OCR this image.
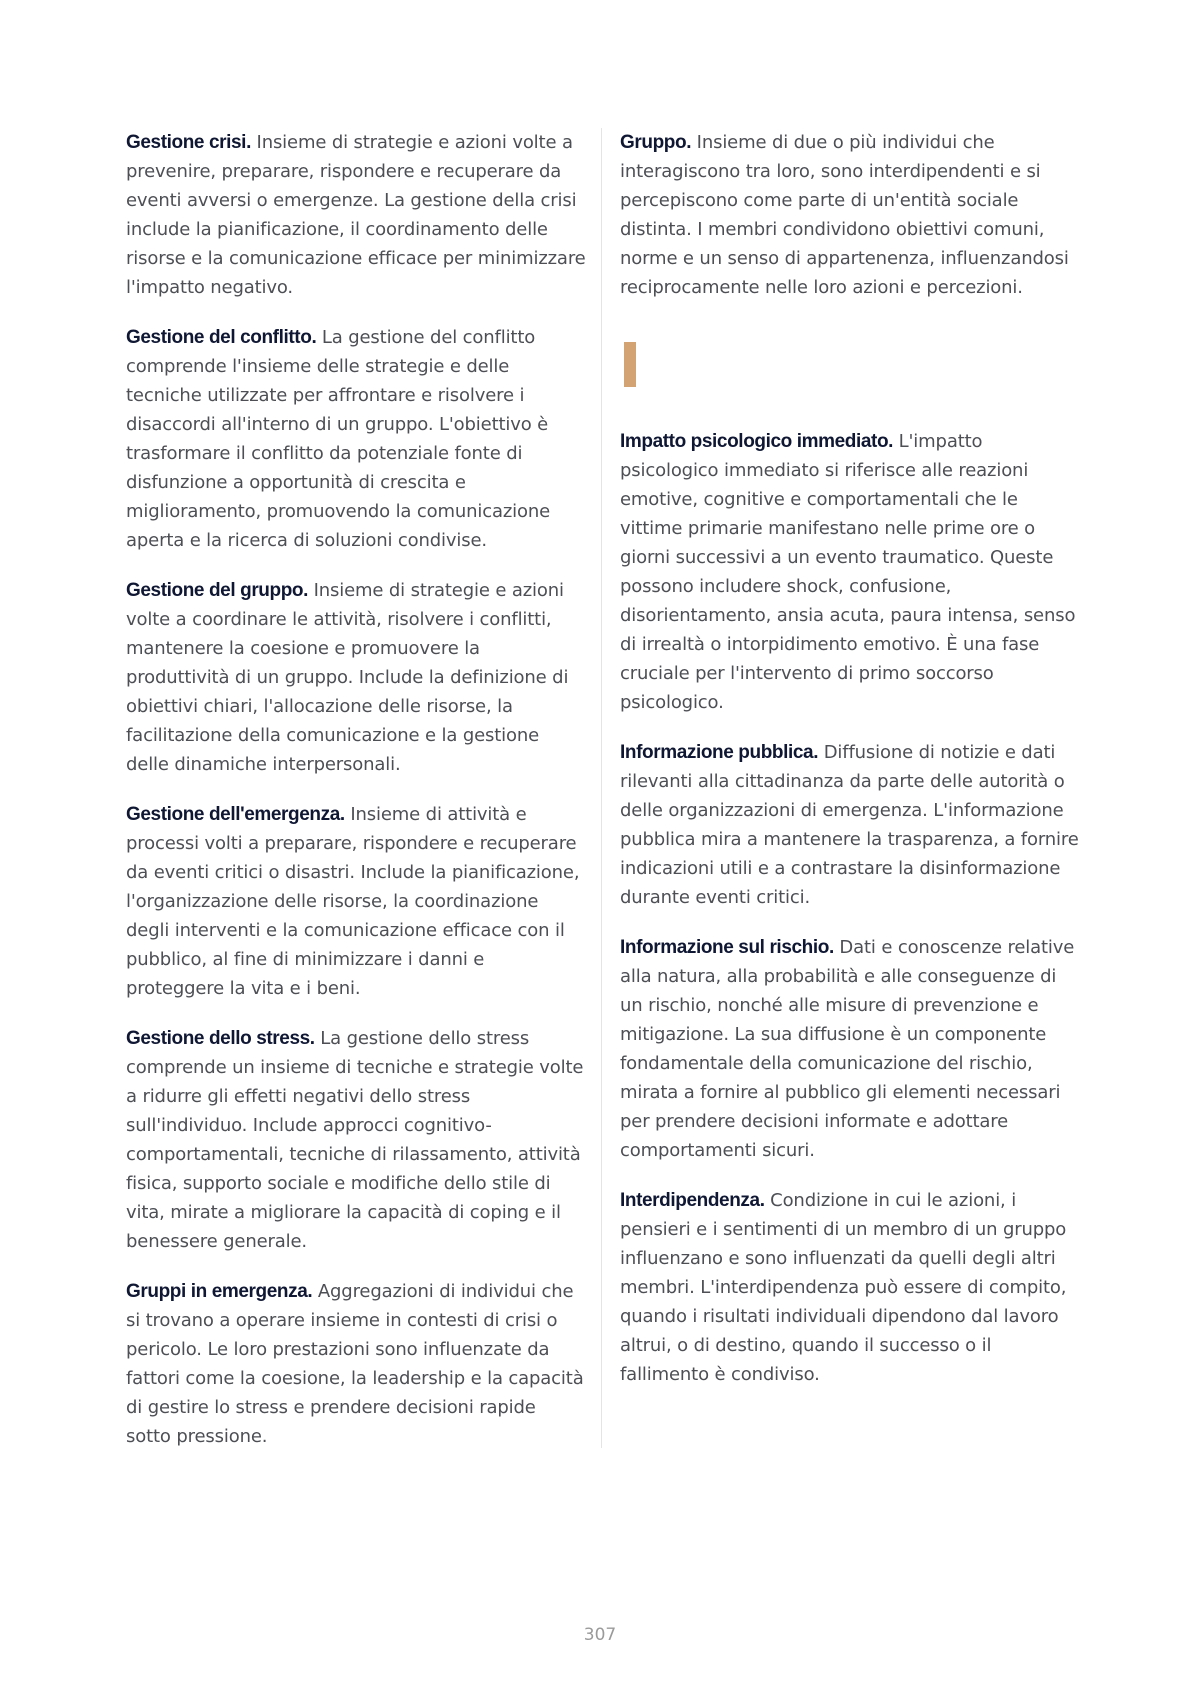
Gestione crisi. Insieme di strategie e azioni volte a prevenire, preparare, rispondere e recuperare da eventi avversi o emergenze. La gestione della crisi include la pianificazione, il coordinamento delle risorse e la comunicazione efficace per minimizzare l'impatto negativo.

Gestione del conflitto. La gestione del conflitto comprende l'insieme delle strategie e delle tecniche utilizzate per affrontare e risolvere i disaccordi all'interno di un gruppo. L'obiettivo è trasformare il conflitto da potenziale fonte di disfunzione a opportunità di crescita e miglioramento, promuovendo la comunicazione aperta e la ricerca di soluzioni condivise.

Gestione del gruppo. Insieme di strategie e azioni volte a coordinare le attività, risolvere i conflitti, mantenere la coesione e promuovere la produttività di un gruppo. Include la definizione di obiettivi chiari, l'allocazione delle risorse, la facilitazione della comunicazione e la gestione delle dinamiche interpersonali.

Gestione dell'emergenza. Insieme di attività e processi volti a preparare, rispondere e recuperare da eventi critici o disastri. Include la pianificazione, l'organizzazione delle risorse, la coordinazione degli interventi e la comunicazione efficace con il pubblico, al fine di minimizzare i danni e proteggere la vita e i beni.

Gestione dello stress. La gestione dello stress comprende un insieme di tecniche e strategie volte a ridurre gli effetti negativi dello stress sull'individuo. Include approcci cognitivo-comportamentali, tecniche di rilassamento, attività fisica, supporto sociale e modifiche dello stile di vita, mirate a migliorare la capacità di coping e il benessere generale.

Gruppi in emergenza. Aggregazioni di individui che si trovano a operare insieme in contesti di crisi o pericolo. Le loro prestazioni sono influenzate da fattori come la coesione, la leadership e la capacità di gestire lo stress e prendere decisioni rapide sotto pressione.

Gruppo. Insieme di due o più individui che interagiscono tra loro, sono interdipendenti e si percepiscono come parte di un'entità sociale distinta. I membri condividono obiettivi comuni, norme e un senso di appartenenza, influenzandosi reciprocamente nelle loro azioni e percezioni.

Impatto psicologico immediato. L'impatto psicologico immediato si riferisce alle reazioni emotive, cognitive e comportamentali che le vittime primarie manifestano nelle prime ore o giorni successivi a un evento traumatico. Queste possono includere shock, confusione, disorientamento, ansia acuta, paura intensa, senso di irrealtà o intorpidimento emotivo. È una fase cruciale per l'intervento di primo soccorso psicologico.

Informazione pubblica. Diffusione di notizie e dati rilevanti alla cittadinanza da parte delle autorità o delle organizzazioni di emergenza. L'informazione pubblica mira a mantenere la trasparenza, a fornire indicazioni utili e a contrastare la disinformazione durante eventi critici.

Informazione sul rischio. Dati e conoscenze relative alla natura, alla probabilità e alle conseguenze di un rischio, nonché alle misure di prevenzione e mitigazione. La sua diffusione è un componente fondamentale della comunicazione del rischio, mirata a fornire al pubblico gli elementi necessari per prendere decisioni informate e adottare comportamenti sicuri.

Interdipendenza. Condizione in cui le azioni, i pensieri e i sentimenti di un membro di un gruppo influenzano e sono influenzati da quelli degli altri membri. L'interdipendenza può essere di compito, quando i risultati individuali dipendono dal lavoro altrui, o di destino, quando il successo o il fallimento è condiviso.

307
